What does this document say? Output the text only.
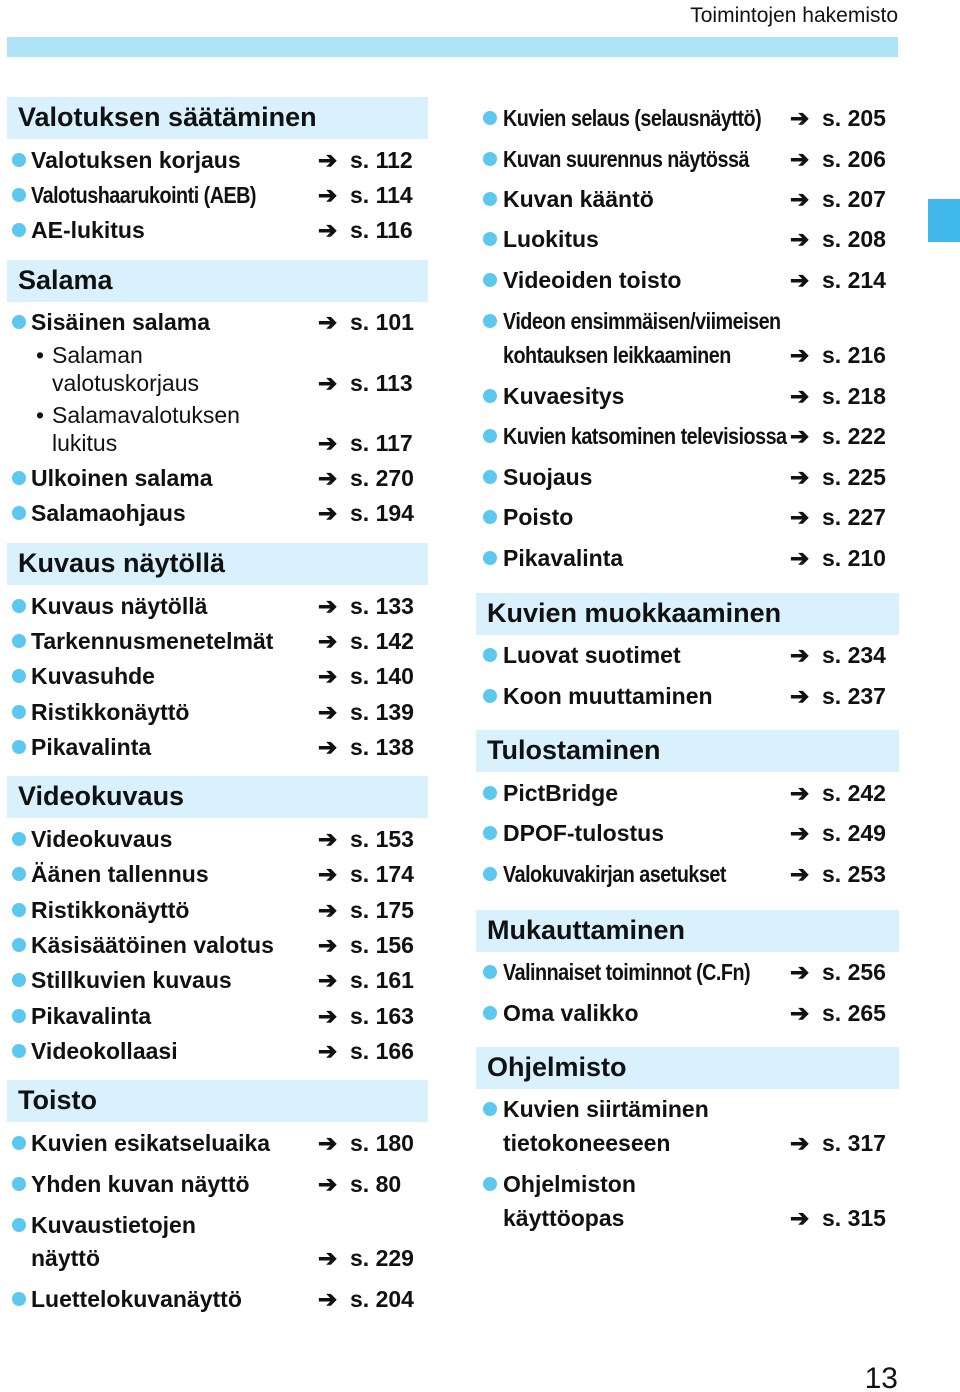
Toimintojen hakemisto
Valotuksen säätäminen
Valotuksen korjaus	➔ s. 112
Valotushaarukointi (AEB)	➔ s. 114
AE-lukitus	➔ s. 116
Salama
Sisäinen salama	➔ s. 101
• Salaman
valotuskorjaus	➔ s. 113
• Salamavalotuksen
lukitus	➔ s. 117
Ulkoinen salama	➔ s. 270
Salamaohjaus	➔ s. 194
Kuvaus näytöllä
Kuvaus näytöllä	➔ s. 133
Tarkennusmenetelmät ➔ s. 142
Kuvasuhde	➔ s. 140
Ristikkonäyttö	➔ s. 139
Pikavalinta	➔ s. 138
Videokuvaus
Videokuvaus	➔ s. 153
Äänen tallennus	➔ s. 174
Ristikkonäyttö	➔ s. 175
Käsisäätöinen valotus ➔ s. 156
Stillkuvien kuvaus	➔ s. 161
Pikavalinta	➔ s. 163
Videokollaasi	➔ s. 166
Toisto
Kuvien esikatseluaika ➔ s. 180
Yhden kuvan näyttö	➔ s. 80
Kuvaustietojen
näyttö	➔ s. 229
Luettelokuvanäyttö	➔ s. 204
Kuvien selaus (selausnäyttö)	➔ s. 205
Kuvan suurennus näytössä	➔ s. 206
Kuvan kääntö	➔ s. 207
Luokitus	➔ s. 208
Videoiden toisto	➔ s. 214
Videon ensimmäisen/viimeisen
kohtauksen leikkaaminen	➔ s. 216
Kuvaesitys	➔ s. 218
Kuvien katsominen televisiossa ➔ s. 222
Suojaus	➔ s. 225
Poisto	➔ s. 227
Pikavalinta	➔ s. 210
Kuvien muokkaaminen
Luovat suotimet	➔ s. 234
Koon muuttaminen	➔ s. 237
Tulostaminen
PictBridge	➔ s. 242
DPOF-tulostus	➔ s. 249
Valokuvakirjan asetukset	➔ s. 253
Mukauttaminen
Valinnaiset toiminnot (C.Fn)	➔ s. 256
Oma valikko	➔ s. 265
Ohjelmisto
Kuvien siirtäminen
tietokoneeseen	➔ s. 317
Ohjelmiston
käyttöopas	➔ s. 315
13
